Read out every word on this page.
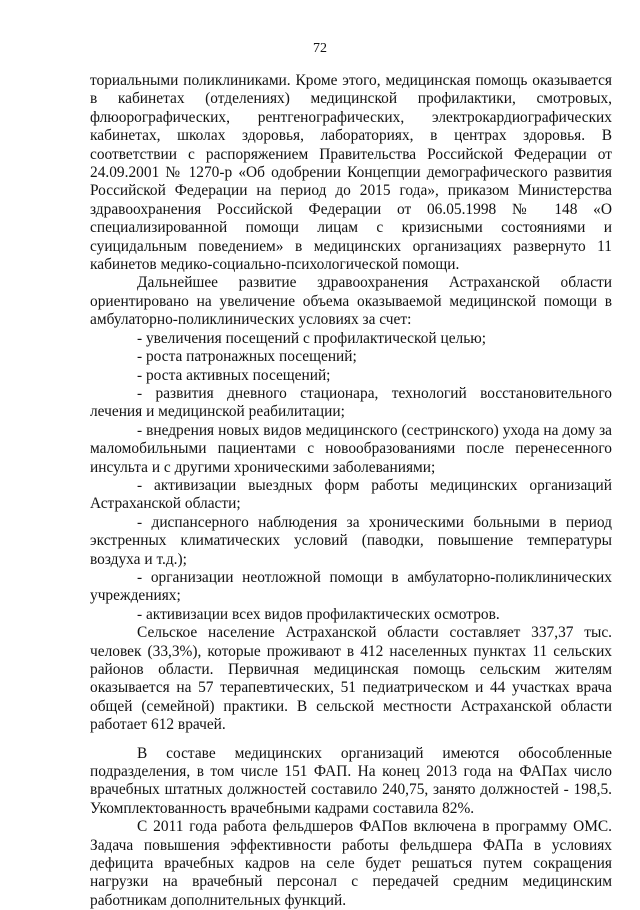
72

ториальными поликлиниками. Кроме этого, медицинская помощь оказывается в кабинетах (отделениях) медицинской профилактики, смотровых, флюорографических, рентгенографических, электрокардиографических кабинетах, школах здоровья, лабораториях, в центрах здоровья. В соответствии с распоряжением Правительства Российской Федерации от 24.09.2001 № 1270-р «Об одобрении Концепции демографического развития Российской Федерации на период до 2015 года», приказом Министерства здравоохранения Российской Федерации от 06.05.1998 № 148 «О специализированной помощи лицам с кризисными состояниями и суицидальным поведением» в медицинских организациях развернуто 11 кабинетов медико-социально-психологической помощи.

Дальнейшее развитие здравоохранения Астраханской области ориентировано на увеличение объема оказываемой медицинской помощи в амбулаторно-поликлинических условиях за счет:

- увеличения посещений с профилактической целью;

- роста патронажных посещений;

- роста активных посещений;

- развития дневного стационара, технологий восстановительного лечения и медицинской реабилитации;

- внедрения новых видов медицинского (сестринского) ухода на дому за маломобильными пациентами с новообразованиями после перенесенного инсульта и с другими хроническими заболеваниями;

- активизации выездных форм работы медицинских организаций Астраханской области;

- диспансерного наблюдения за хроническими больными в период экстренных климатических условий (паводки, повышение температуры воздуха и т.д.);

- организации неотложной помощи в амбулаторно-поликлинических учреждениях;

- активизации всех видов профилактических осмотров.

Сельское население Астраханской области составляет 337,37 тыс. человек (33,3%), которые проживают в 412 населенных пунктах 11 сельских районов области. Первичная медицинская помощь сельским жителям оказывается на 57 терапевтических, 51 педиатрическом и 44 участках врача общей (семейной) практики. В сельской местности Астраханской области работает 612 врачей.

В составе медицинских организаций имеются обособленные подразделения, в том числе 151 ФАП. На конец 2013 года на ФАПах число врачебных штатных должностей составило 240,75, занято должностей - 198,5. Укомплектованность врачебными кадрами составила 82%.

С 2011 года работа фельдшеров ФАПов включена в программу ОМС. Задача повышения эффективности работы фельдшера ФАПа в условиях дефицита врачебных кадров на селе будет решаться путем сокращения нагрузки на врачебный персонал с передачей средним медицинским работникам дополнительных функций.
